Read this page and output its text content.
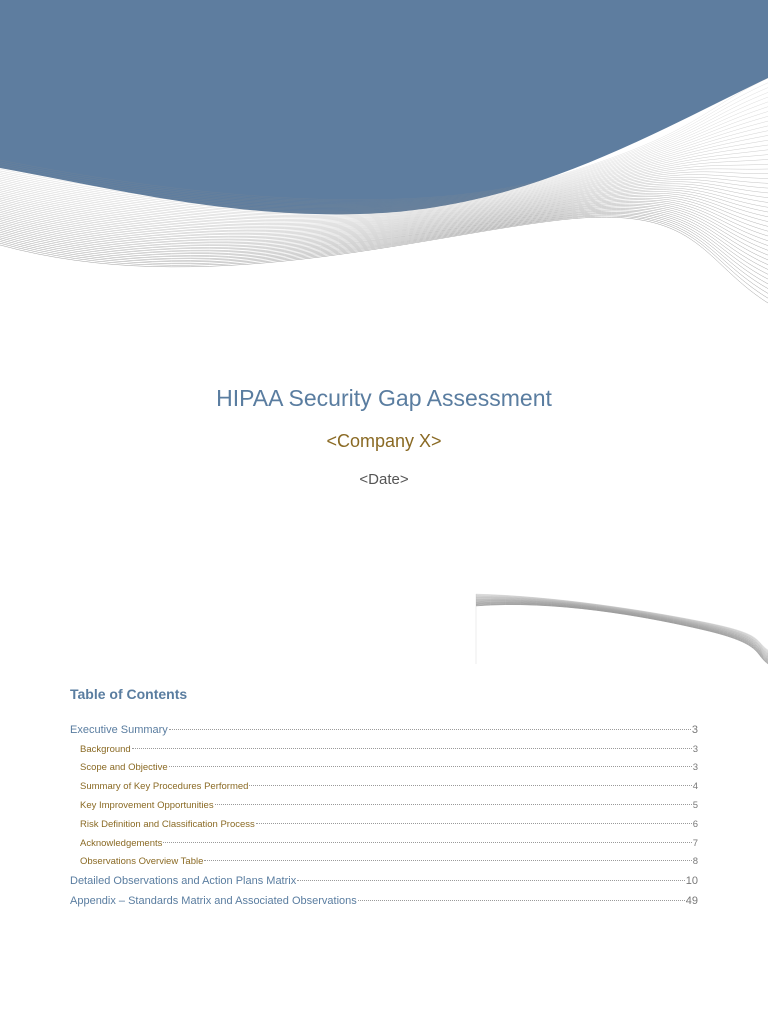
HIPAA Security Gap Assessment
<Company X>
<Date>
Table of Contents
Executive Summary	3
Background	3
Scope and Objective	3
Summary of Key Procedures Performed	4
Key Improvement Opportunities	5
Risk Definition and Classification Process	6
Acknowledgements	7
Observations Overview Table	8
Detailed Observations and Action Plans Matrix	10
Appendix – Standards Matrix and Associated Observations	49
